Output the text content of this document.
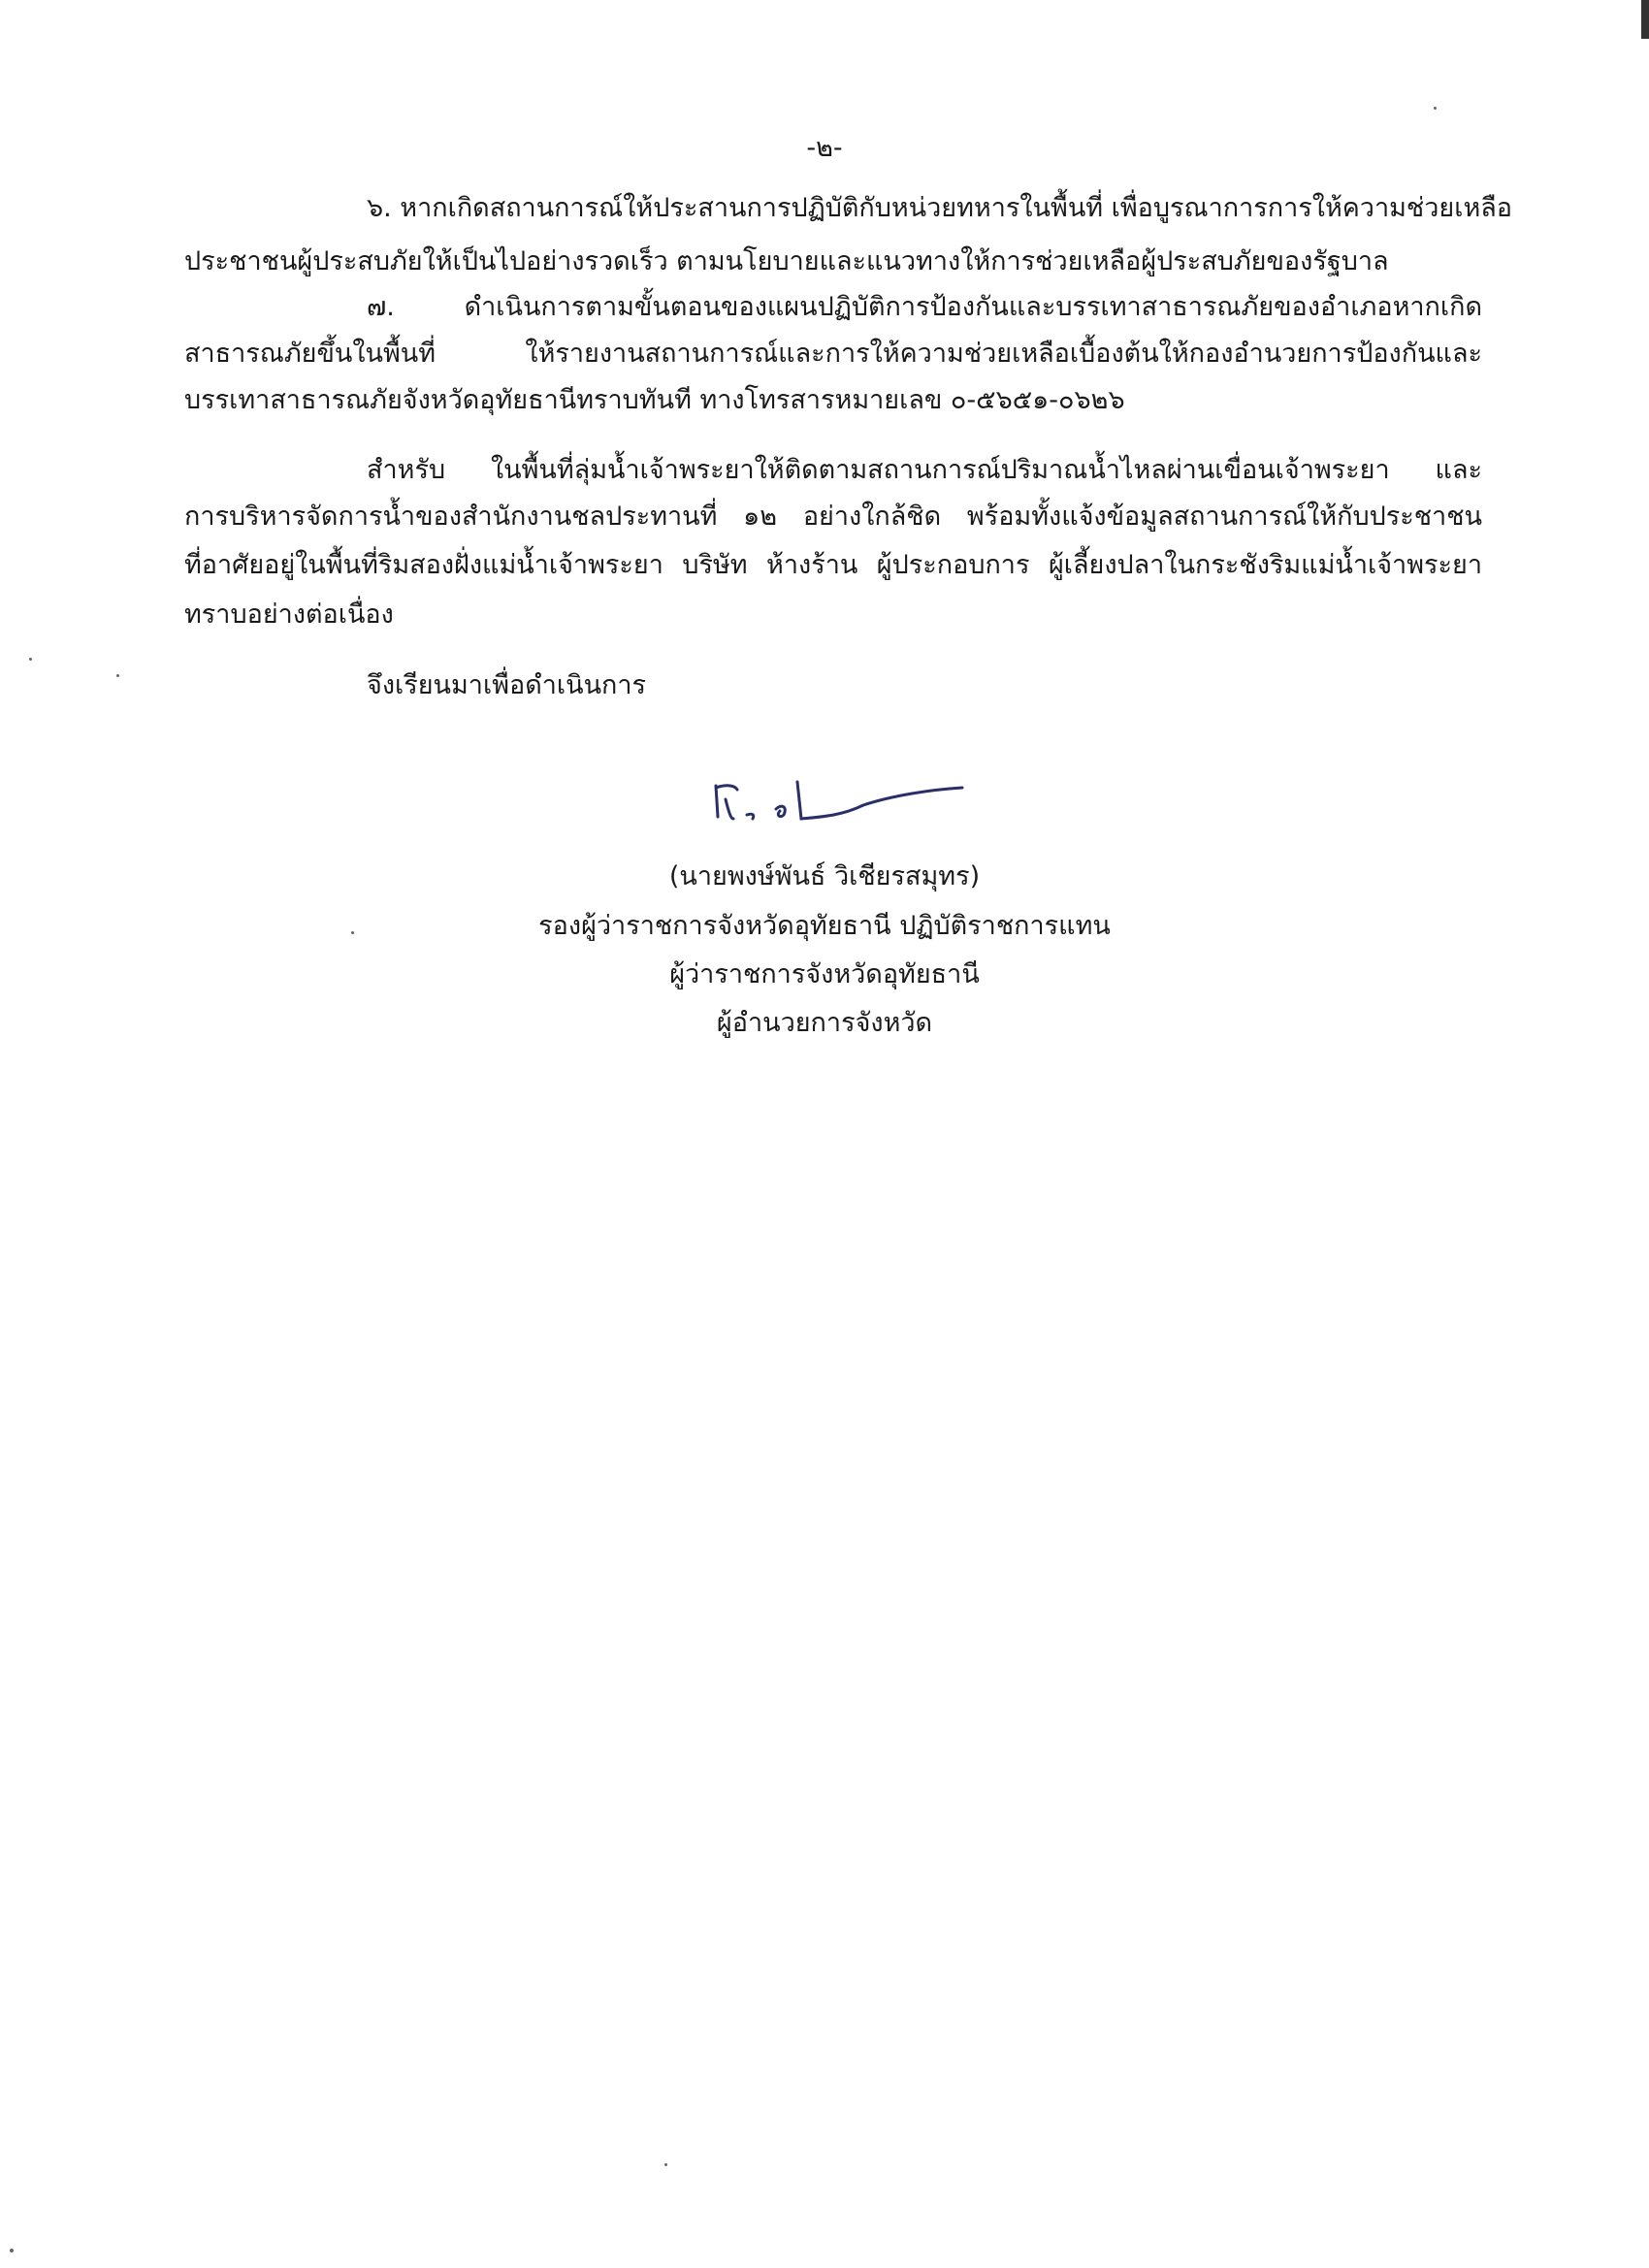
-๒-
๖. หากเกิดสถานการณ์ให้ประสานการปฏิบัติกับหน่วยทหารในพื้นที่ เพื่อบูรณาการการให้ความช่วยเหลือ
ประชาชนผู้ประสบภัยให้เป็นไปอย่างรวดเร็ว ตามนโยบายและแนวทางให้การช่วยเหลือผู้ประสบภัยของรัฐบาล
๗. ดำเนินการตามขั้นตอนของแผนปฏิบัติการป้องกันและบรรเทาสาธารณภัยของอำเภอหากเกิด
สาธารณภัยขึ้นในพื้นที่ ให้รายงานสถานการณ์และการให้ความช่วยเหลือเบื้องต้นให้กองอำนวยการป้องกันและ
บรรเทาสาธารณภัยจังหวัดอุทัยธานีทราบทันที ทางโทรสารหมายเลข ๐-๕๖๕๑-๐๖๒๖
สำหรับ ในพื้นที่ลุ่มน้ำเจ้าพระยาให้ติดตามสถานการณ์ปริมาณน้ำไหลผ่านเขื่อนเจ้าพระยา และ
การบริหารจัดการน้ำของสำนักงานชลประทานที่ ๑๒ อย่างใกล้ชิด พร้อมทั้งแจ้งข้อมูลสถานการณ์ให้กับประชาชน
ที่อาศัยอยู่ในพื้นที่ริมสองฝั่งแม่น้ำเจ้าพระยา บริษัท ห้างร้าน ผู้ประกอบการ ผู้เลี้ยงปลาในกระชังริมแม่น้ำเจ้าพระยา
ทราบอย่างต่อเนื่อง
จึงเรียนมาเพื่อดำเนินการ
(นายพงษ์พันธ์ วิเชียรสมุทร)
รองผู้ว่าราชการจังหวัดอุทัยธานี ปฏิบัติราชการแทน
ผู้ว่าราชการจังหวัดอุทัยธานี
ผู้อำนวยการจังหวัด
